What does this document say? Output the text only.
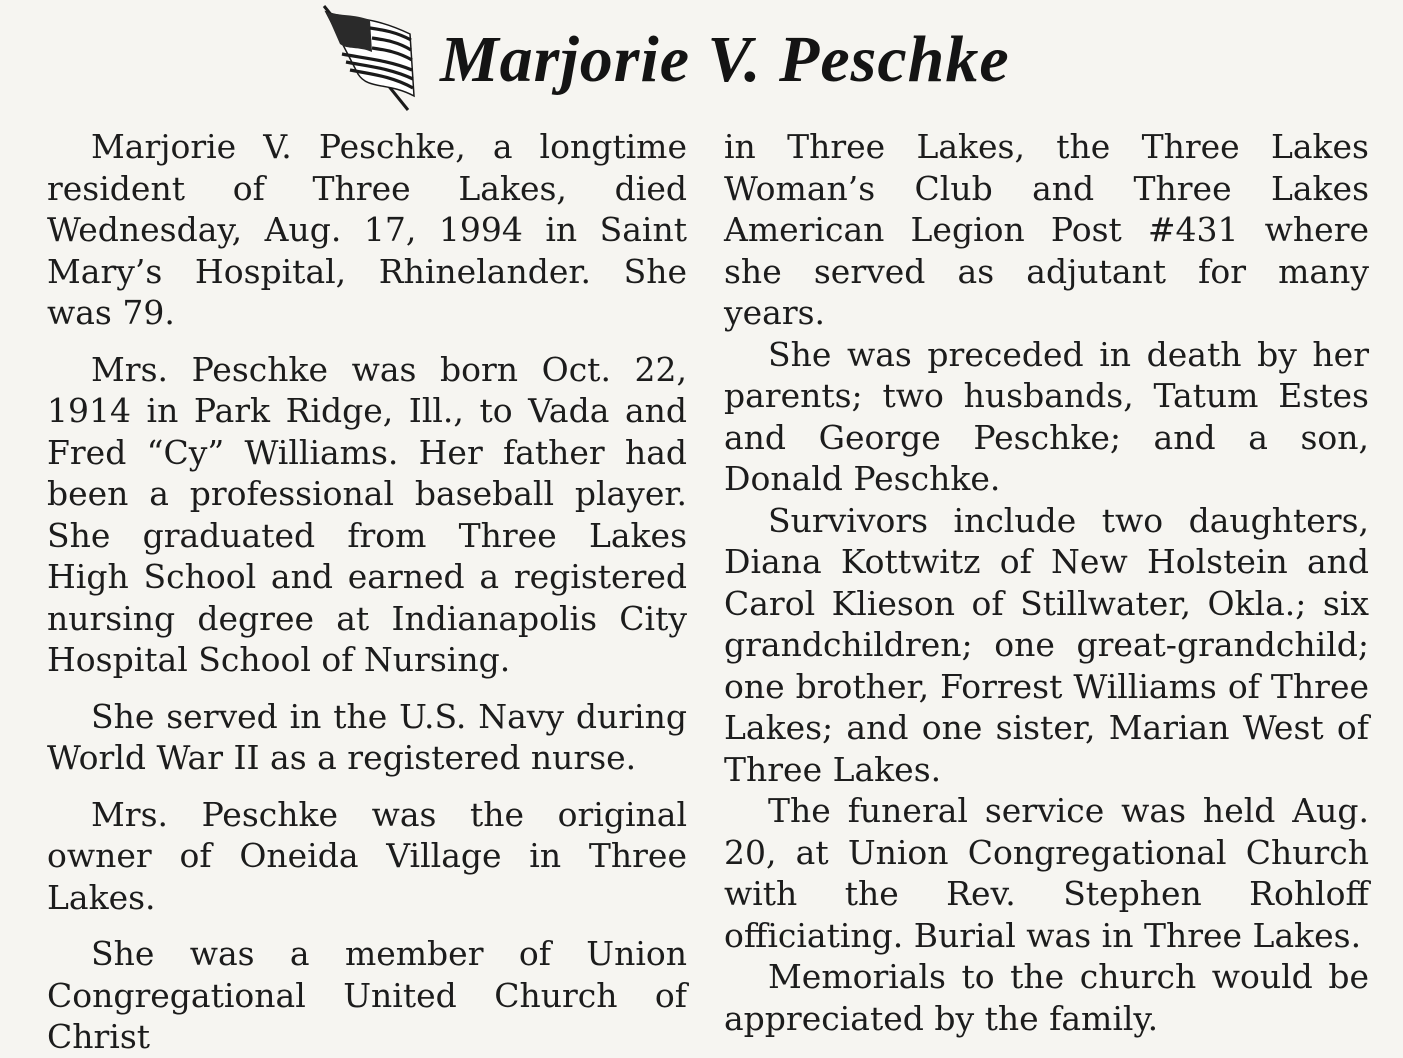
Marjorie V. Peschke

Marjorie V. Peschke, a longtime resident of Three Lakes, died Wednesday, Aug. 17, 1994 in Saint Mary’s Hospital, Rhinelander. She was 79.

Mrs. Peschke was born Oct. 22, 1914 in Park Ridge, Ill., to Vada and Fred “Cy” Williams. Her father had been a professional baseball player. She graduated from Three Lakes High School and earned a registered nursing degree at Indianapolis City Hospital School of Nursing.

She served in the U.S. Navy during World War II as a registered nurse.

Mrs. Peschke was the original owner of Oneida Village in Three Lakes.

She was a member of Union Congregational United Church of Christ

in Three Lakes, the Three Lakes Woman’s Club and Three Lakes American Legion Post #431 where she served as adjutant for many years.

She was preceded in death by her parents; two husbands, Tatum Estes and George Peschke; and a son, Donald Peschke.

Survivors include two daughters, Diana Kottwitz of New Holstein and Carol Klieson of Stillwater, Okla.; six grandchildren; one great-grandchild; one brother, Forrest Williams of Three Lakes; and one sister, Marian West of Three Lakes.

The funeral service was held Aug. 20, at Union Congregational Church with the Rev. Stephen Rohloff officiating. Burial was in Three Lakes.

Memorials to the church would be appreciated by the family.
